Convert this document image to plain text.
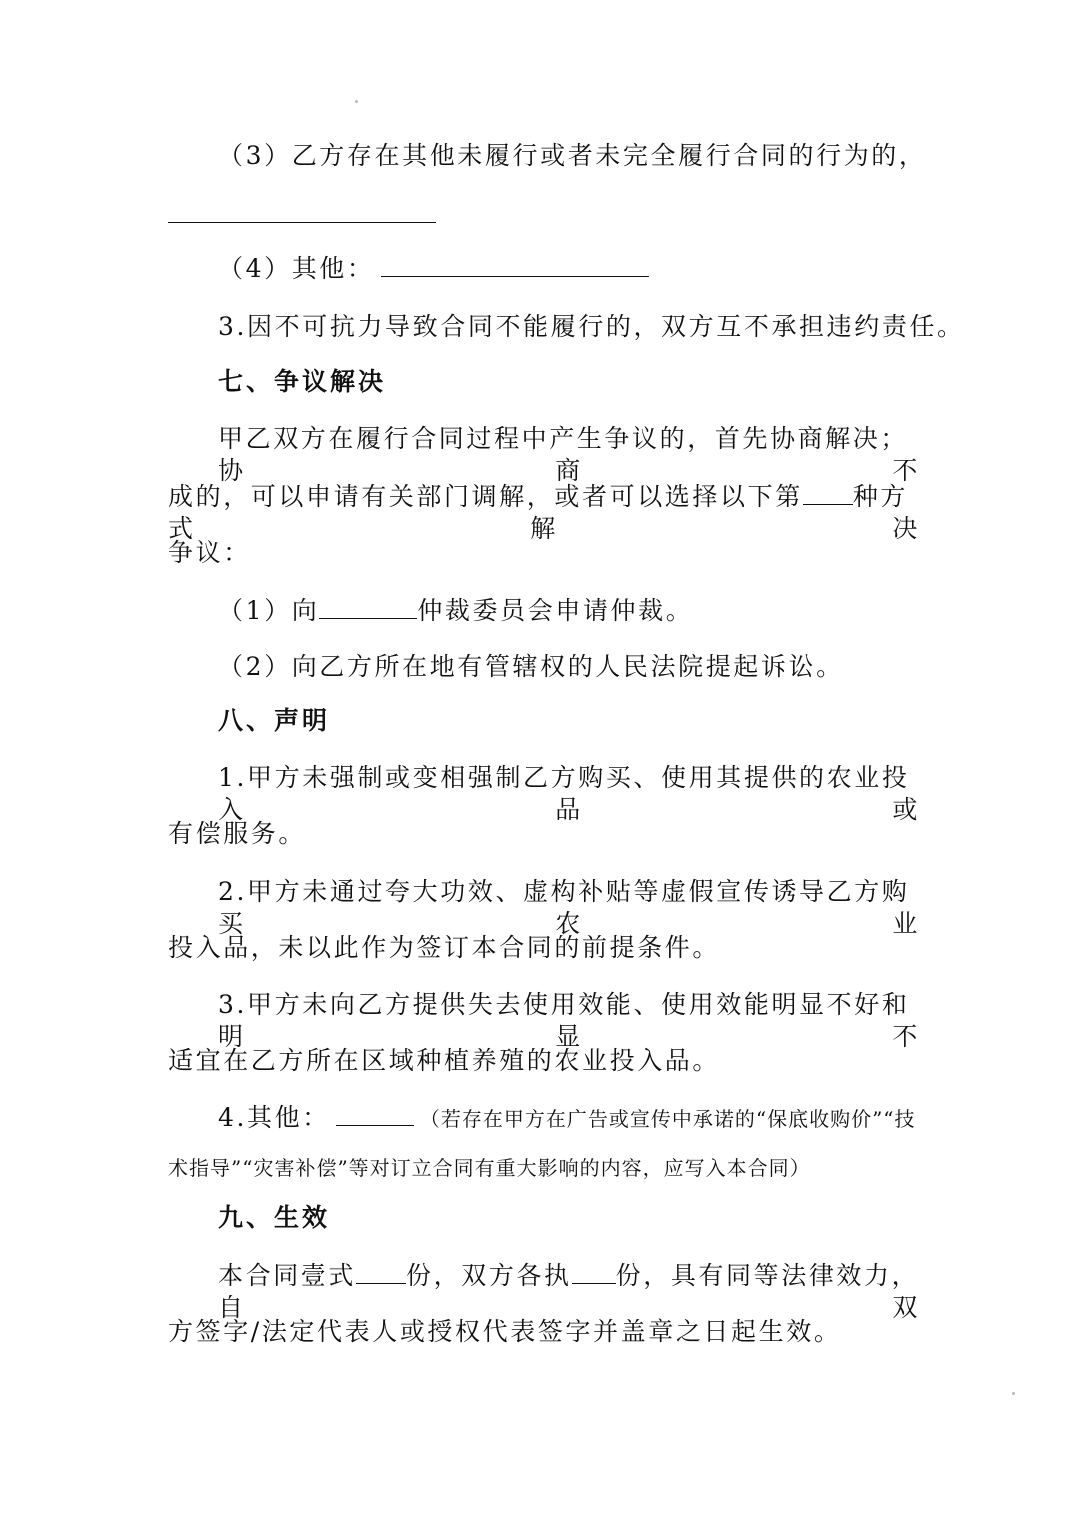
（3）乙方存在其他未履行或者未完全履行合同的行为的，
（4）其他：
3.因不可抗力导致合同不能履行的，双方互不承担违约责任。
七、争议解决
甲乙双方在履行合同过程中产生争议的，首先协商解决；协商不
成的，可以申请有关部门调解，或者可以选择以下第 种方式解决
争议：
（1）向	仲裁委员会申请仲裁。
（2）向乙方所在地有管辖权的人民法院提起诉讼。
八、声明
1.甲方未强制或变相强制乙方购买、使用其提供的农业投入品或
有偿服务。
2.甲方未通过夸大功效、虚构补贴等虚假宣传诱导乙方购买农业
投入品，未以此作为签订本合同的前提条件。
3.甲方未向乙方提供失去使用效能、使用效能明显不好和明显不
适宜在乙方所在区域种植养殖的农业投入品。
4.其他：	（若存在甲方在广告或宣传中承诺的“保底收购价”“技
术指导”“灾害补偿”等对订立合同有重大影响的内容，应写入本合同）
九、生效
本合同壹式 份，双方各执 份，具有同等法律效力，自双
方签字/法定代表人或授权代表签字并盖章之日起生效。
